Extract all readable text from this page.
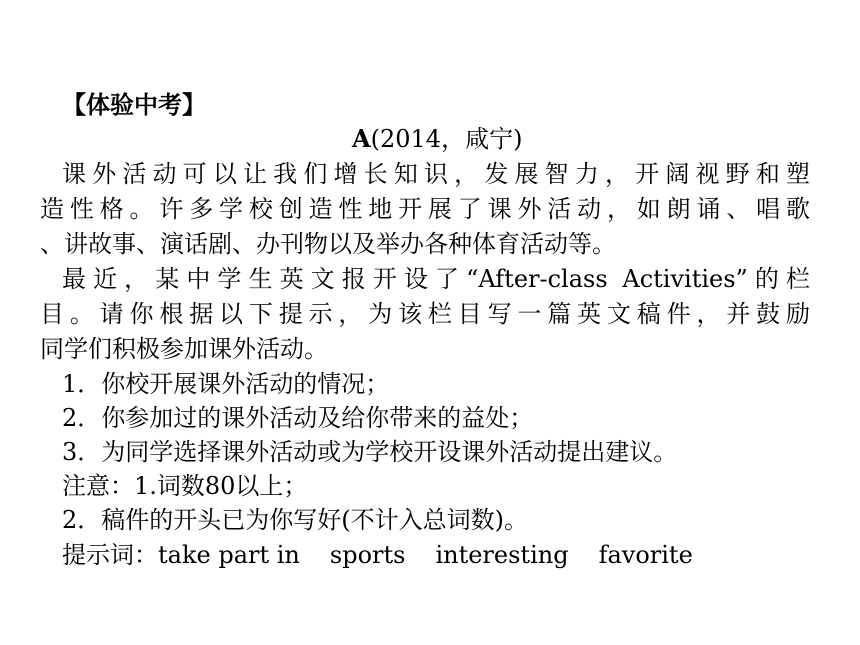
【体验中考】
A(2014，咸宁)
课外活动可以让我们增长知识，发展智力，开阔视野和塑
造性格。许多学校创造性地开展了课外活动，如朗诵、唱歌
、讲故事、演话剧、办刊物以及举办各种体育活动等。
最近，某中学生英文报开设了“After-class Activities”的栏
目。请你根据以下提示，为该栏目写一篇英文稿件，并鼓励
同学们积极参加课外活动。
1．你校开展课外活动的情况；
2．你参加过的课外活动及给你带来的益处；
3．为同学选择课外活动或为学校开设课外活动提出建议。
注意：1.词数80以上；
2．稿件的开头已为你写好(不计入总词数)。
提示词：take part in sports interesting favorite
